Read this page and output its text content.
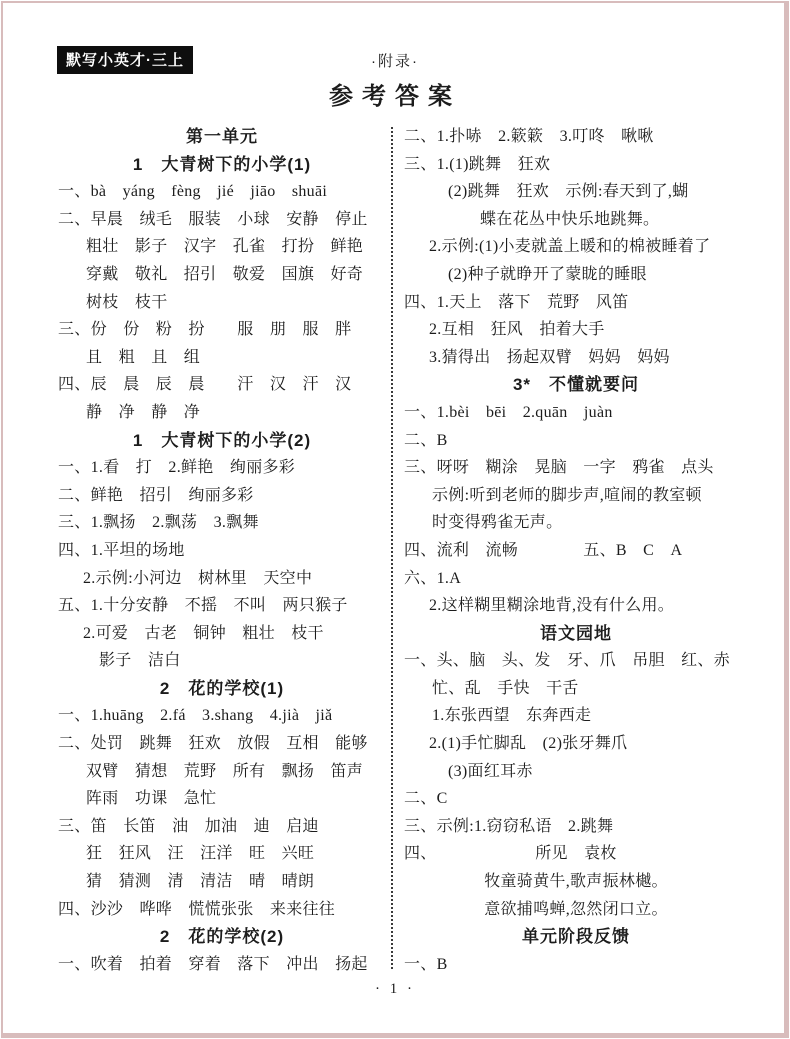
默写小英才·三上	·附录·
参考答案
第一单元
1　大青树下的小学(1)
一、bà　yáng　fèng　jié　jiāo　shuāi
二、早晨　绒毛　服装　小球　安静　停止
粗壮　影子　汉字　孔雀　打扮　鲜艳
穿戴　敬礼　招引　敬爱　国旗　好奇
树枝　枝干
三、份　份　粉　扮　　服　朋　服　胖
且　粗　且　组
四、辰　晨　辰　晨　　汗　汉　汗　汉
静　净　静　净
1　大青树下的小学(2)
一、1.看　打　2.鲜艳　绚丽多彩
二、鲜艳　招引　绚丽多彩
三、1.飘扬　2.飘荡　3.飘舞
四、1.平坦的场地
2.示例:小河边　树林里　天空中
五、1.十分安静　不摇　不叫　两只猴子
2.可爱　古老　铜钟　粗壮　枝干
影子　洁白
2　花的学校(1)
一、1.huāng　2.fá　3.shang　4.jià　jiǎ
二、处罚　跳舞　狂欢　放假　互相　能够
双臂　猜想　荒野　所有　飘扬　笛声
阵雨　功课　急忙
三、笛　长笛　油　加油　迪　启迪
狂　狂风　汪　汪洋　旺　兴旺
猜　猜测　清　清洁　晴　晴朗
四、沙沙　哗哗　慌慌张张　来来往往
2　花的学校(2)
一、吹着　拍着　穿着　落下　冲出　扬起
二、1.扑哧　2.簌簌　3.叮咚　啾啾
三、1.(1)跳舞　狂欢
(2)跳舞　狂欢　示例:春天到了,蝴
蝶在花丛中快乐地跳舞。
2.示例:(1)小麦就盖上暖和的棉被睡着了
(2)种子就睁开了蒙眬的睡眼
四、1.天上　落下　荒野　风笛
2.互相　狂风　拍着大手
3.猜得出　扬起双臂　妈妈　妈妈
3*　不懂就要问
一、1.bèi　bēi　2.quān　juàn
二、B
三、呀呀　糊涂　晃脑　一字　鸦雀　点头
示例:听到老师的脚步声,喧闹的教室顿
时变得鸦雀无声。
四、流利　流畅　　　　五、B　C　A
六、1.A
2.这样糊里糊涂地背,没有什么用。
语文园地
一、头、脑　头、发　牙、爪　吊胆　红、赤
忙、乱　手快　干舌
1.东张西望　东奔西走
2.(1)手忙脚乱　(2)张牙舞爪
(3)面红耳赤
二、C
三、示例:1.窃窃私语　2.跳舞
四、	所见　袁枚
牧童骑黄牛,歌声振林樾。
意欲捕鸣蝉,忽然闭口立。
单元阶段反馈
一、B
· 1 ·
